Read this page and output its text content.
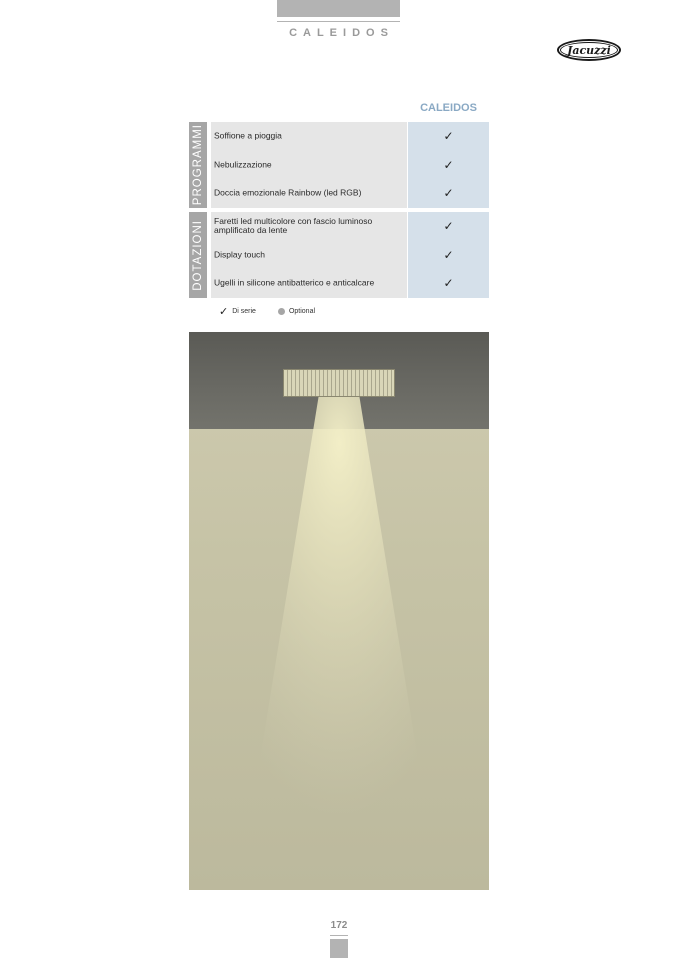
CALEIDOS
Jacuzzi
CALEIDOS
PROGRAMMI Soffione a pioggia
Nebulizzazione
Doccia emozionale Rainbow (led RGB)
✓
✓
✓
DOTAZIONI Faretti led multicolore con fascio luminoso amplificato da lente
Display touch
Ugelli in silicone antibatterico e anticalcare
✓
✓
✓
✓ Di serie	Optional
172
